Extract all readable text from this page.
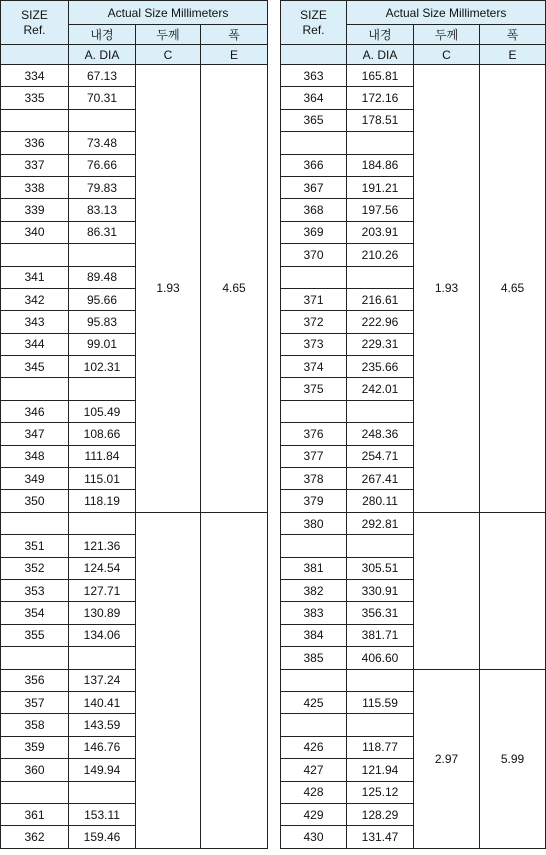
SIZE
Ref.	Actual Size Millimeters		
	내경	두께	폭
	A. DIA	C	E
334	67.13	1.93	4.65
335	70.31		

336	73.48		
337	76.66		
338	79.83		
339	83.13		
340	86.31		

341	89.48		
342	95.66		
343	95.83		
344	99.01		
345	102.31		

346	105.49		
347	108.66		
348	111.84		
349	115.01		
350	118.19		

351	121.36		
352	124.54		
353	127.71		
354	130.89		
355	134.06		

356	137.24		
357	140.41		
358	143.59		
359	146.76		
360	149.94		

361	153.11		
362	159.46		
SIZE
Ref.	Actual Size Millimeters		
	내경	두께	폭
	A. DIA	C	E
363	165.81	1.93	4.65
364	172.16		
365	178.51		

366	184.86		
367	191.21		
368	197.56		
369	203.91		
370	210.26		

371	216.61		
372	222.96		
373	229.31		
374	235.66		
375	242.01		

376	248.36		
377	254.71		
378	267.41		
379	280.11		
380	292.81		

381	305.51		
382	330.91		
383	356.31		
384	381.71		
385	406.60		
		2.97	5.99
425	115.59		

426	118.77		
427	121.94		
428	125.12		
429	128.29		
430	131.47		
